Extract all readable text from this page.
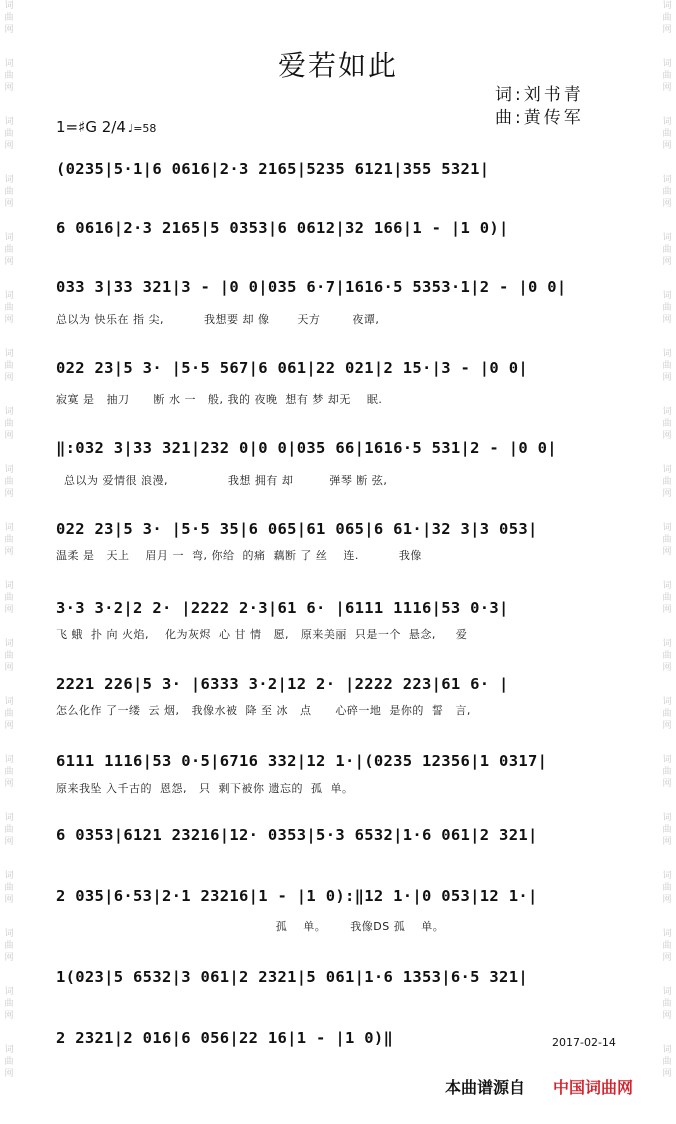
词
曲
网
词
曲
网
词
曲
网
词
曲
网
词
曲
网
词
曲
网
词
曲
网
词
曲
网
词
曲
网
词
曲
网
词
曲
网
词
曲
网
词
曲
网
词
曲
网
词
曲
网
词
曲
网
词
曲
网
词
曲
网
词
曲
网
词
曲
网
词
曲
网
词
曲
网
词
曲
网
词
曲
网
词
曲
网
词
曲
网
词
曲
网
词
曲
网
词
曲
网
词
曲
网
词
曲
网
词
曲
网
词
曲
网
词
曲
网
词
曲
网
词
曲
网
词
曲
网
词
曲
网
爱若如此
词:刘书青
曲:黄传军
1=♯G 2/4 ♩=58
(0235|5·1|6 0616|2·3 2165|5235 6121|355 5321|
6 0616|2·3 2165|5 0353|6 0612|32 166|1 - |1 0)|
033 3|33 321|3 - |0 0|035 6·7|1616·5 5353·1|2 - |0 0|
总以为 快乐在 指 尖,          我想要 却 像       天方        夜谭,
022 23|5 3· |5·5 567|6 061|22 021|2 15·|3 - |0 0|
寂寞 是   抽刀      断 水 一   般, 我的 夜晚  想有 梦 却无    眠.
‖:032 3|33 321|232 0|0 0|035 66|1616·5 531|2 - |0 0|
总以为 爱情很 浪漫,               我想 拥有 却         弹琴 断 弦,
022 23|5 3· |5·5 35|6 065|61 065|6 61·|32 3|3 053|
温柔 是   天上    眉月 一  弯, 你给  的痛  藕断 了 丝    连.          我像
3·3 3·2|2 2· |2222 2·3|61 6· |6111 1116|53 0·3|
飞 蛾  扑 向 火焰,    化为灰烬  心 甘 情   愿,   原来美丽  只是一个  悬念,     爱
2221 226|5 3· |6333 3·2|12 2· |2222 223|61 6· |
怎么化作 了一缕  云 烟,   我像水被  降 至 冰   点      心碎一地  是你的  誓   言,
6111 1116|53 0·5|6716 332|12 1·|(0235 12356|1 0317|
原来我坠 入千古的  恩怨,   只  剩下被你 遗忘的  孤  单。
6 0353|6121 23216|12· 0353|5·3 6532|1·6 061|2 321|
2 035|6·53|2·1 23216|1 - |1 0):‖12 1·|0 053|12 1·|
孤    单。      我像DS 孤    单。
1(023|5 6532|3 061|2 2321|5 061|1·6 1353|6·5 321|
2 2321|2 016|6 056|22 16|1 - |1 0)‖	2017-02-14
本曲谱源自 中国词曲网
